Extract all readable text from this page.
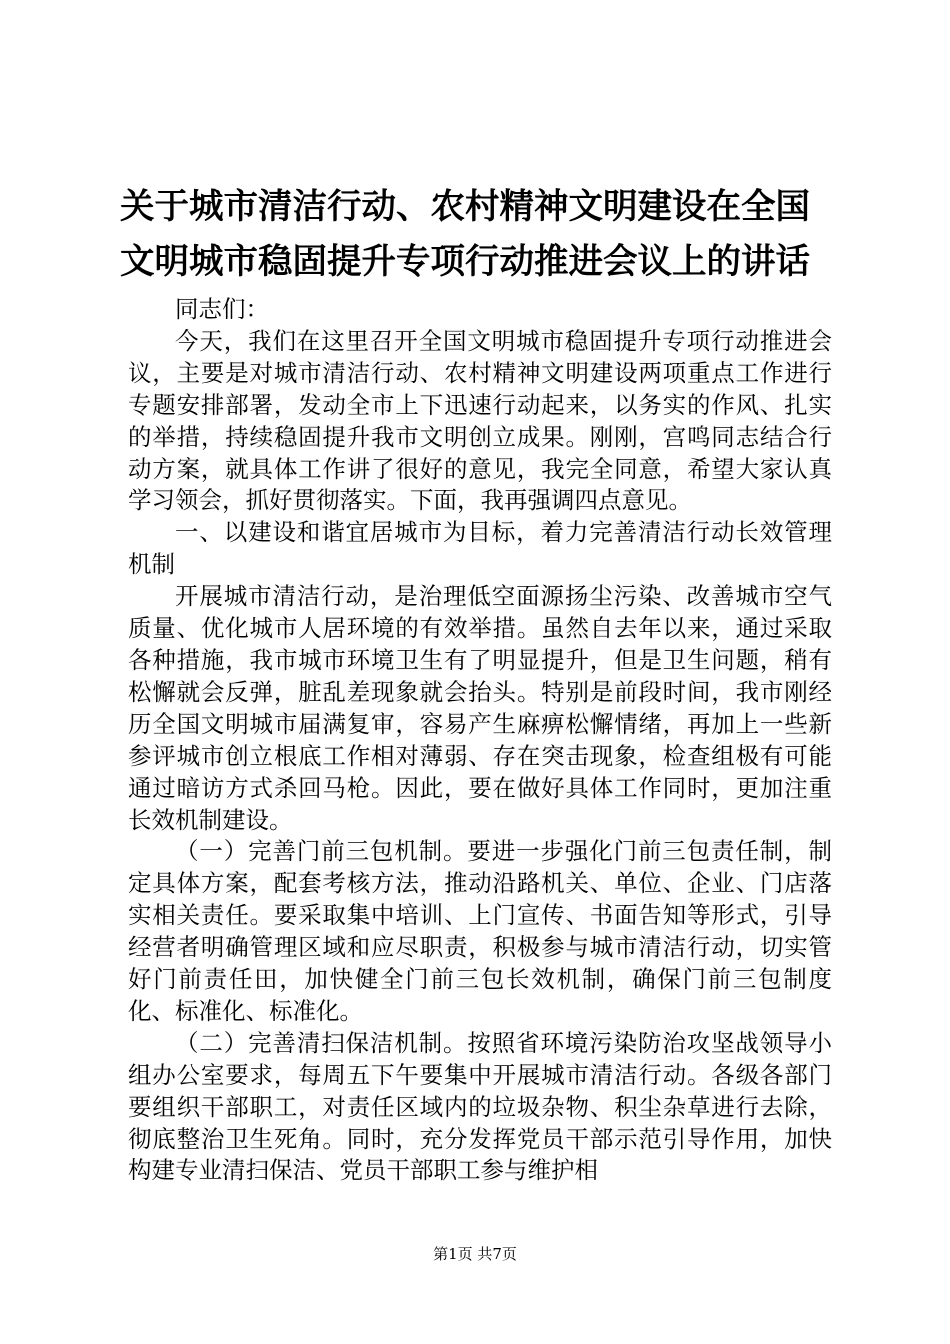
关于城市清洁行动、农村精神文明建设在全国
文明城市稳固提升专项行动推进会议上的讲话

同志们：

今天，我们在这里召开全国文明城市稳固提升专项行动推进会议，主要是对城市清洁行动、农村精神文明建设两项重点工作进行专题安排部署，发动全市上下迅速行动起来，以务实的作风、扎实的举措，持续稳固提升我市文明创立成果。刚刚，宫鸣同志结合行动方案，就具体工作讲了很好的意见，我完全同意，希望大家认真学习领会，抓好贯彻落实。下面，我再强调四点意见。

一、以建设和谐宜居城市为目标，着力完善清洁行动长效管理机制

开展城市清洁行动，是治理低空面源扬尘污染、改善城市空气质量、优化城市人居环境的有效举措。虽然自去年以来，通过采取各种措施，我市城市环境卫生有了明显提升，但是卫生问题，稍有松懈就会反弹，脏乱差现象就会抬头。特别是前段时间，我市刚经历全国文明城市届满复审，容易产生麻痹松懈情绪，再加上一些新参评城市创立根底工作相对薄弱、存在突击现象，检查组极有可能通过暗访方式杀回马枪。因此，要在做好具体工作同时，更加注重长效机制建设。

（一）完善门前三包机制。要进一步强化门前三包责任制，制定具体方案，配套考核方法，推动沿路机关、单位、企业、门店落实相关责任。要采取集中培训、上门宣传、书面告知等形式，引导经营者明确管理区域和应尽职责，积极参与城市清洁行动，切实管好门前责任田，加快健全门前三包长效机制，确保门前三包制度化、标准化、标准化。

（二）完善清扫保洁机制。按照省环境污染防治攻坚战领导小组办公室要求，每周五下午要集中开展城市清洁行动。各级各部门要组织干部职工，对责任区域内的垃圾杂物、积尘杂草进行去除，彻底整治卫生死角。同时，充分发挥党员干部示范引导作用，加快构建专业清扫保洁、党员干部职工参与维护相

第1页 共7页
